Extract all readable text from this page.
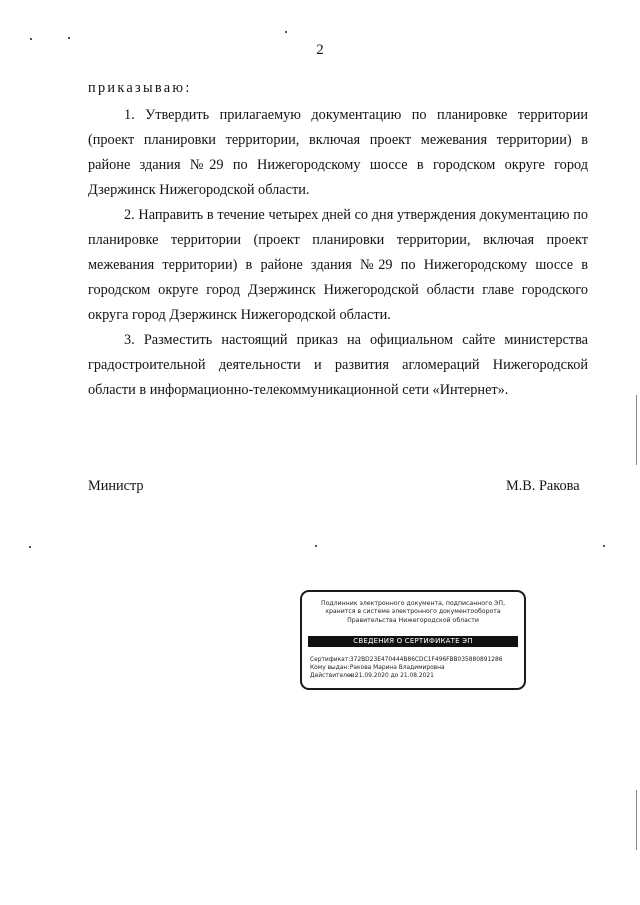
2

приказываю:

1. Утвердить прилагаемую документацию по планировке территории (проект планировки территории, включая проект межевания территории) в районе здания №29 по Нижегородскому шоссе в городском округе город Дзержинск Нижегородской области.

2. Направить в течение четырех дней со дня утверждения документацию по планировке территории (проект планировки территории, включая проект межевания территории) в районе здания №29 по Нижегородскому шоссе в городском округе город Дзержинск Нижегородской области главе городского округа город Дзержинск Нижегородской области.

3. Разместить настоящий приказ на официальном сайте министерства градостроительной деятельности и развития агломераций Нижегородской области в информационно-телекоммуникационной сети «Интернет».

Министр	М.В. Ракова
Подлинник электронного документа, подписанного ЭП,
хранится в системе электронного документооборота
Правительства Нижегородской области
СВЕДЕНИЯ О СЕРТИФИКАТЕ ЭП
Сертификат: 372BD23E470444B86CDC1F496FBB035880891286
Кому выдан: Ракова Марина Владимировна
Действителен: с 21.09.2020 до 21.08.2021
